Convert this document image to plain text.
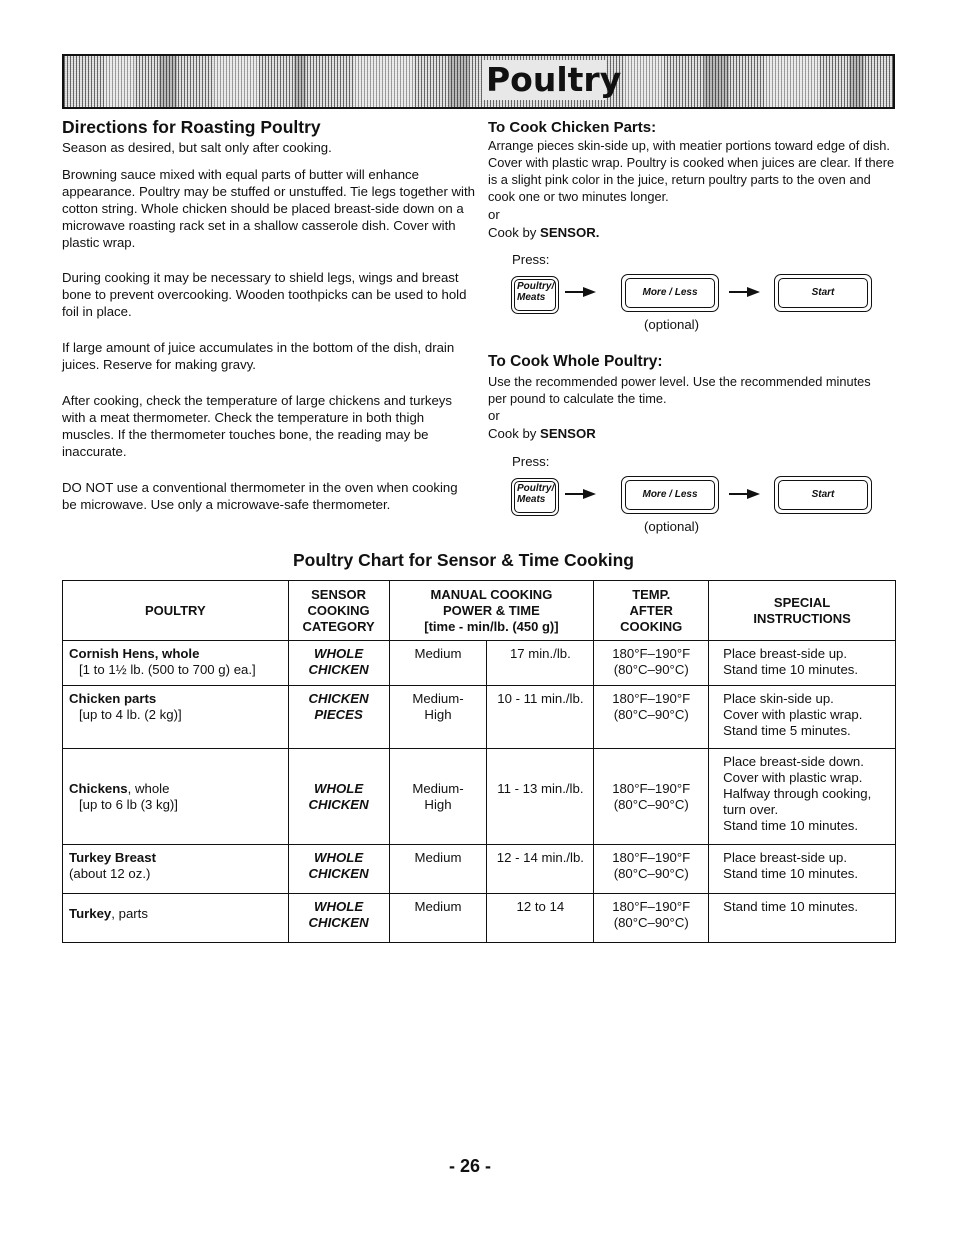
Poultry
Directions for Roasting Poultry
Season as desired, but salt only after cooking.
Browning sauce mixed with equal parts of butter will enhance appearance. Poultry may be stuffed or unstuffed. Tie legs together with cotton string. Whole chicken should be placed breast-side down on a microwave roasting rack set in a shallow casserole dish. Cover with plastic wrap.
During cooking it may be necessary to shield legs, wings and breast bone to prevent overcooking. Wooden toothpicks can be used to hold foil in place.
If large amount of juice accumulates in the bottom of the dish, drain juices. Reserve for making gravy.
After cooking, check the temperature of large chickens and turkeys with a meat thermometer. Check the temperature in both thigh muscles. If the thermometer touches bone, the reading may be inaccurate.
DO NOT use a conventional thermometer in the oven when cooking be microwave. Use only a microwave-safe thermometer.
To Cook Chicken Parts:
Arrange pieces skin-side up, with meatier portions toward edge of dish. Cover with plastic wrap. Poultry is cooked when juices are clear. If there is a slight pink color in the juice, return poultry parts to the oven and cook one or two minutes longer.
or
Cook by SENSOR.
Press:
Poultry/
Meats	More / Less	Start
(optional)
To Cook Whole Poultry:
Use the recommended power level. Use the recommended minutes per pound to calculate the time.
or
Cook by SENSOR
Press:
Poultry/
Meats	More / Less	Start
(optional)
Poultry Chart for Sensor & Time Cooking
POULTRY	SENSOR
COOKING
CATEGORY	MANUAL COOKING
POWER & TIME
[time - min/lb. (450 g)]		TEMP.
AFTER
COOKING	SPECIAL
INSTRUCTIONS

Cornish Hens, whole
[1 to 1½ lb. (500 to 700 g) ea.]	WHOLE
CHICKEN	Medium	17 min./lb.	180°F–190°F
(80°C–90°C)	Place breast-side up.
Stand time 10 minutes.

Chicken parts
[up to 4 lb. (2 kg)]	CHICKEN
PIECES	Medium-
High	10 - 11 min./lb.	180°F–190°F
(80°C–90°C)	Place skin-side up.
Cover with plastic wrap.
Stand time 5 minutes.

Chickens, whole
[up to 6 lb (3 kg)]	WHOLE
CHICKEN	Medium-
High	11 - 13 min./lb.	180°F–190°F
(80°C–90°C)	Place breast-side down.
Cover with plastic wrap.
Halfway through cooking,
turn over.
Stand time 10 minutes.

Turkey Breast
(about 12 oz.)	WHOLE
CHICKEN	Medium	12 - 14 min./lb.	180°F–190°F
(80°C–90°C)	Place breast-side up.
Stand time 10 minutes.

Turkey, parts	WHOLE
CHICKEN	Medium	12 to 14	180°F–190°F
(80°C–90°C)	Stand time 10 minutes.
- 26 -
